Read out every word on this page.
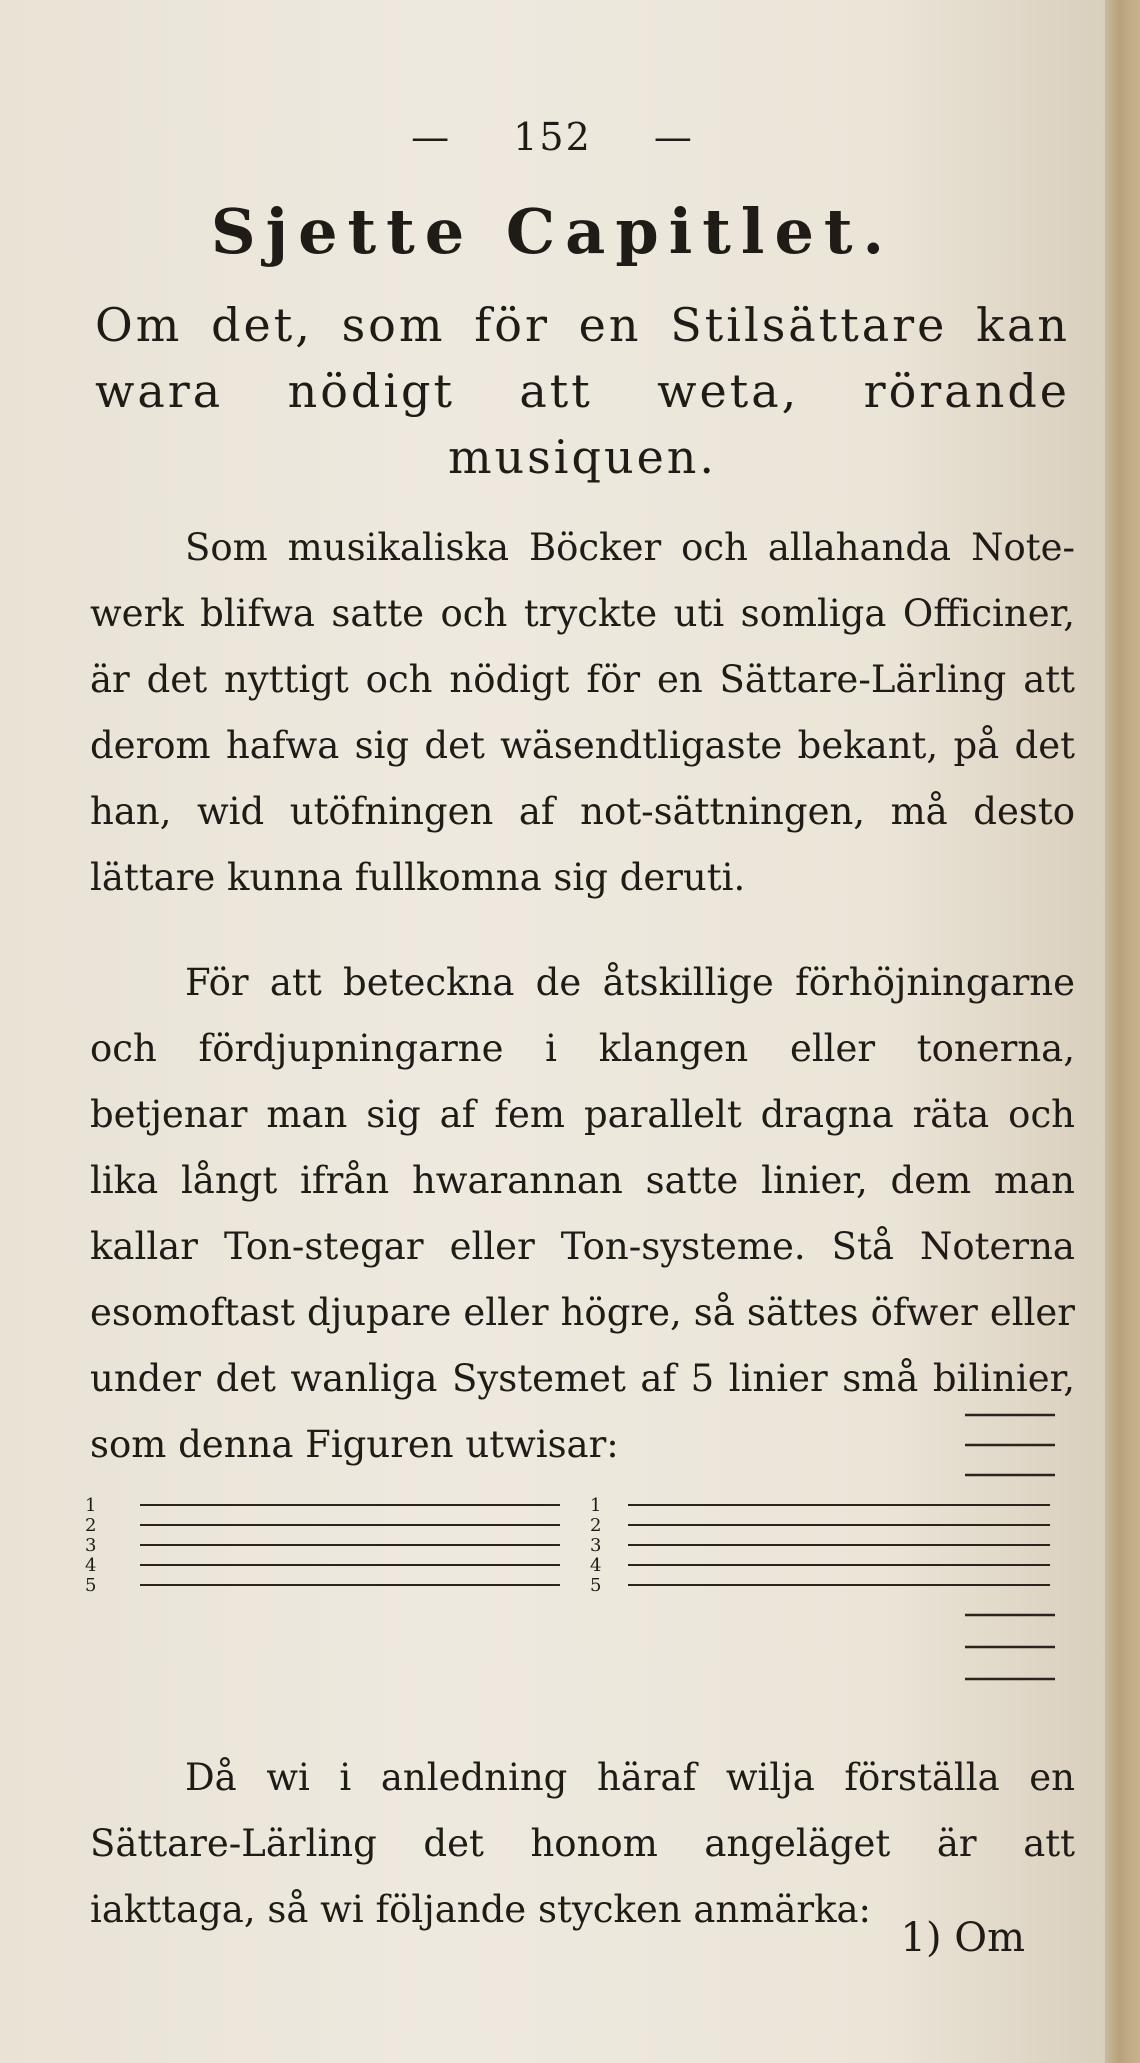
— 152 —
Sjette Capitlet.
Om det, som för en Stilsättare kan wara nödigt att weta, rörande musiquen.
Som musikaliska Böcker och allahanda Note-werk blifwa satte och tryckte uti somliga Officiner, är det nyttigt och nödigt för en Sättare-Lärling att derom hafwa sig det wäsendtligaste bekant, på det han, wid utöfningen af not-sättningen, må desto lättare kunna fullkomna sig deruti.
För att beteckna de åtskillige förhöjningarne och fördjupningarne i klangen eller tonerna, betjenar man sig af fem parallelt dragna räta och lika långt ifrån hwarannan satte linier, dem man kallar Ton-stegar eller Ton-systeme. Stå Noterna esomoftast djupare eller högre, så sättes öfwer eller under det wanliga Systemet af 5 linier små bilinier, som denna Figuren utwisar:
1
2
3
4
5
1
2
3
4
5
Då wi i anledning häraf wilja förställa en Sättare-Lärling det honom angeläget är att iakttaga, så wi följande stycken anmärka:
1) Om
